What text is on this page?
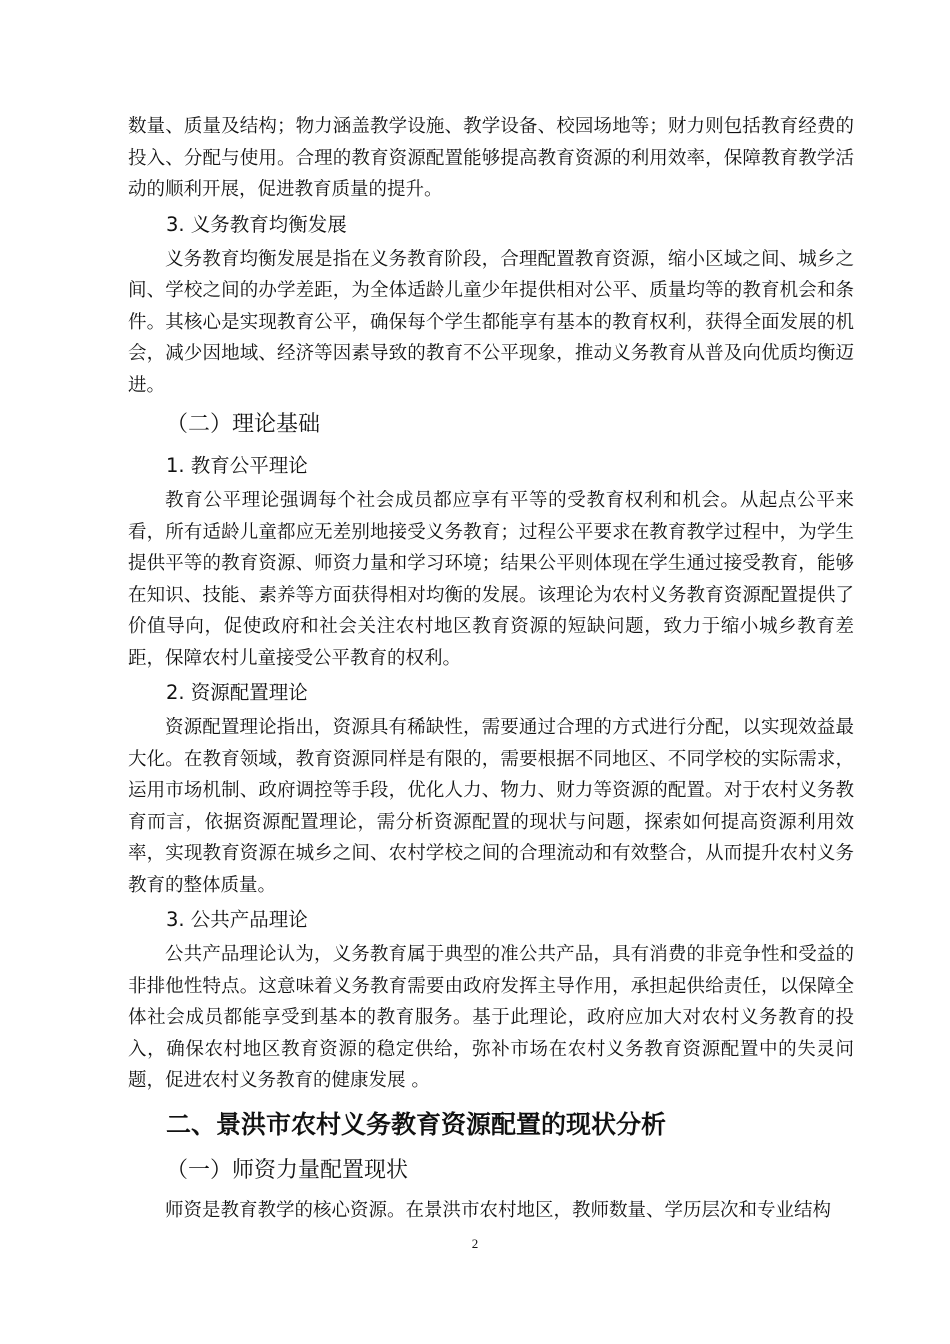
数量、质量及结构；物力涵盖教学设施、教学设备、校园场地等；财力则包括教育经费的投入、分配与使用。合理的教育资源配置能够提高教育资源的利用效率，保障教育教学活动的顺利开展，促进教育质量的提升。

3. 义务教育均衡发展

义务教育均衡发展是指在义务教育阶段，合理配置教育资源，缩小区域之间、城乡之间、学校之间的办学差距，为全体适龄儿童少年提供相对公平、质量均等的教育机会和条件。其核心是实现教育公平，确保每个学生都能享有基本的教育权利，获得全面发展的机会，减少因地域、经济等因素导致的教育不公平现象，推动义务教育从普及向优质均衡迈进。

（二）理论基础
1. 教育公平理论

教育公平理论强调每个社会成员都应享有平等的受教育权利和机会。从起点公平来看，所有适龄儿童都应无差别地接受义务教育；过程公平要求在教育教学过程中，为学生提供平等的教育资源、师资力量和学习环境；结果公平则体现在学生通过接受教育，能够在知识、技能、素养等方面获得相对均衡的发展。该理论为农村义务教育资源配置提供了价值导向，促使政府和社会关注农村地区教育资源的短缺问题，致力于缩小城乡教育差距，保障农村儿童接受公平教育的权利。

2. 资源配置理论

资源配置理论指出，资源具有稀缺性，需要通过合理的方式进行分配，以实现效益最大化。在教育领域，教育资源同样是有限的，需要根据不同地区、不同学校的实际需求，运用市场机制、政府调控等手段，优化人力、物力、财力等资源的配置。对于农村义务教育而言，依据资源配置理论，需分析资源配置的现状与问题，探索如何提高资源利用效率，实现教育资源在城乡之间、农村学校之间的合理流动和有效整合，从而提升农村义务教育的整体质量。

3. 公共产品理论

公共产品理论认为，义务教育属于典型的准公共产品，具有消费的非竞争性和受益的非排他性特点。这意味着义务教育需要由政府发挥主导作用，承担起供给责任，以保障全体社会成员都能享受到基本的教育服务。基于此理论，政府应加大对农村义务教育的投入，确保农村地区教育资源的稳定供给，弥补市场在农村义务教育资源配置中的失灵问题，促进农村义务教育的健康发展 。

二、景洪市农村义务教育资源配置的现状分析
（一）师资力量配置现状

师资是教育教学的核心资源。在景洪市农村地区，教师数量、学历层次和专业结构

2
